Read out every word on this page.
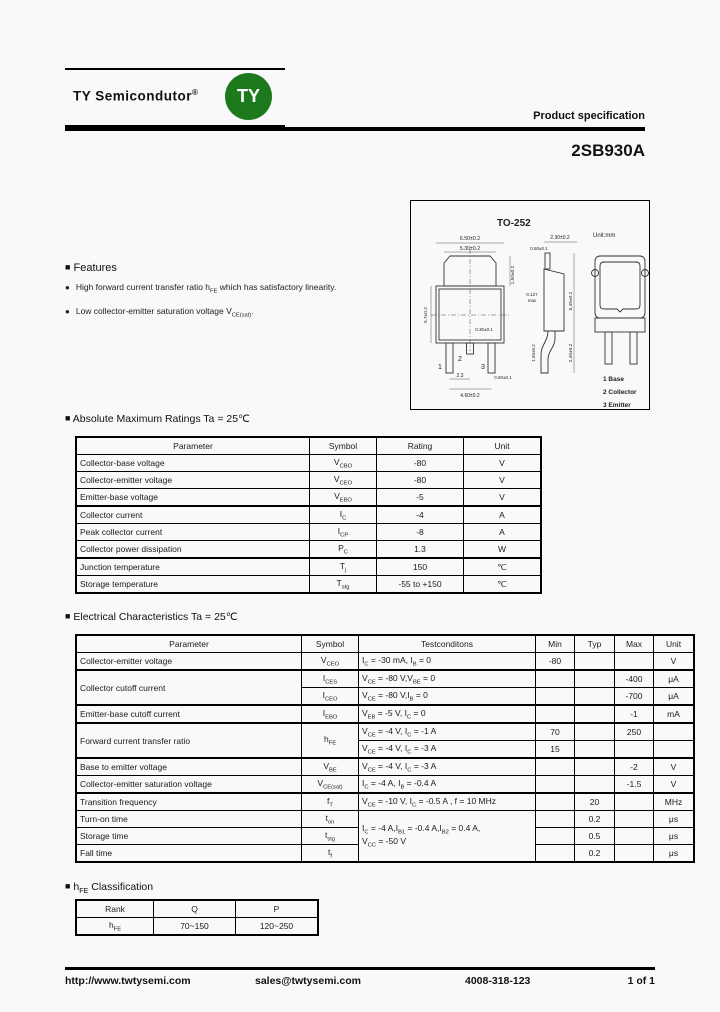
TY Semicondutor®	TY
Product specification
2SB930A
■ Features
● High forward current transfer ratio $h_{FE}$ which has satisfactory linearity.
● Low collector-emitter saturation voltage $V_{CE(sat)}$.
TO-252
Unit:mm
1
2
3
6.50±0.2
5.30±0.2
1.50±0.2
5.7±0.2
0.30±0.1
2.3
4.60±0.2
0.60±0.1
2.30±0.2
0.50±0.1
0.127
max	5.45±0.2
2.45±0.2
1.50±0.2
1 Base
2 Collector
3 Emitter
■ Absolute Maximum Ratings Ta = 25℃
Parameter	Symbol	Rating	Unit
Collector-base voltage	$V_{CBO}$	-80	V
Collector-emitter voltage	$V_{CEO}$	-80	V
Emitter-base voltage	$V_{EBO}$	-5	V
Collector current	$I_C$	-4	A
Peak collector current	$I_{CP}$	-8	A
Collector power dissipation	$P_C$	1.3	W
Junction temperature	$T_j$	150	℃
Storage temperature	$T_{stg}$	-55 to +150	℃
■ Electrical Characteristics Ta = 25℃
Parameter	Symbol	Testconditons	Min	Typ	Max	Unit
Collector-emitter voltage	$V_{CEO}$	$I_C = -30$ mA, $I_B = 0$	-80			V
Collector cutoff current	$I_{CES}$	$V_{CE} = -80$ $V,V_{BE} = 0$			-400	μA
	$I_{CEO}$	$V_{CE} = -80$ $V,I_B = 0$			-700	μA
Emitter-base cutoff current	$I_{EBO}$	$V_{EB} = -5$ V, $I_C = 0$			-1	mA
Forward current transfer ratio	$h_{FE}$	$V_{CE} = -4$ V, $I_C = -1$ A	70		250	
		$V_{CE} = -4$ V, $I_C = -3$ A	15			
Base to emitter voltage	$V_{BE}$	$V_{CE} = -4$ V, $I_C = -3$ A			-2	V
Collector-emitter saturation voltage	$V_{CE(sat)}$	$I_C = -4$ A, $I_B = -0.4$ A			-1.5	V
Transition frequency	$f_T$	$V_{CE} = -10$ V, $I_C = -0.5$ A , f = 10 MHz		20		MHz
Turn-on time	$t_{on}$	$I_C = -4$ $A,I_{B1} = -0.4$ $A,I_{B2} = 0.4$ A,
$V_{CC} = -50$ V		0.2		μs
Storage time	$t_{stg}$			0.5		μs
Fall time	$t_f$			0.2		μs
■ $h_{FE}$ Classification
Rank	Q	P
$h_{FE}$	70~150	120~250
http://www.twtysemi.com	sales@twtysemi.com	4008-318-123	1 of 1
